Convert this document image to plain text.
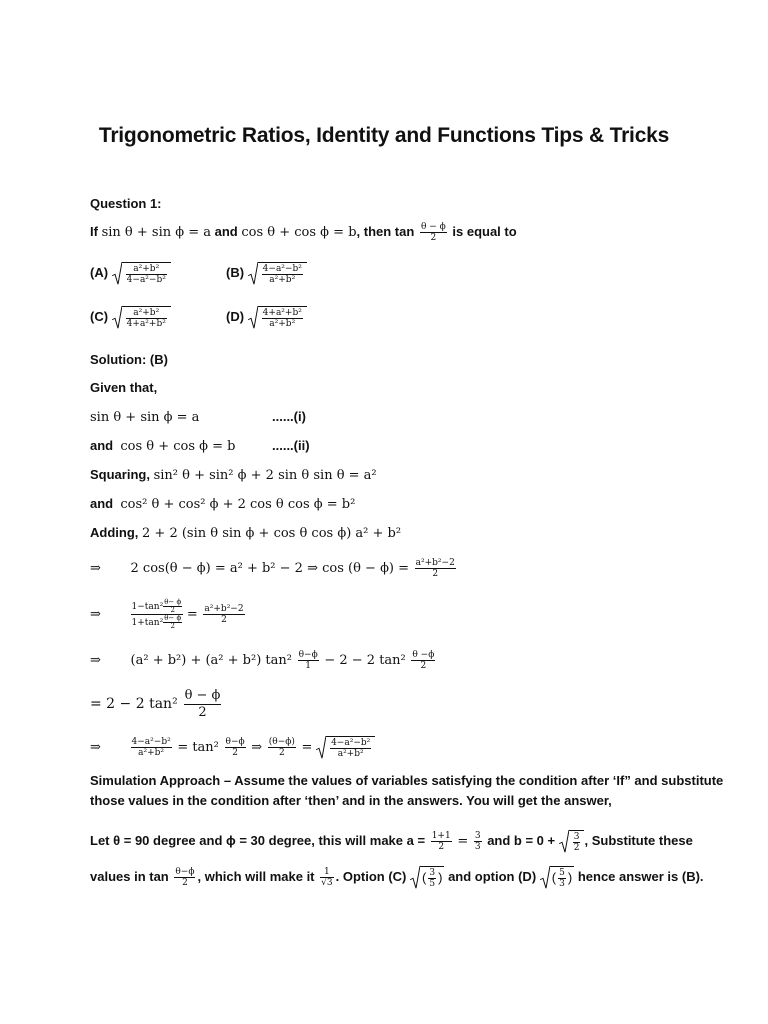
Trigonometric Ratios, Identity and Functions Tips & Tricks
Question 1:
If sin θ + sin ϕ = a and cos θ + cos ϕ = b, then $\tan \frac{\theta - \phi}{2}$ is equal to
$(A) \frac{\text{a²+b²}}{\text{4−a²−b²}}$	$(B) \frac{\text{4−a²−b²}}{\text{a²+b²}}$
$(C) \frac{\text{a²+b²}}{\text{4+a²+b²}}$	$(D) \frac{\text{4+a²+b²}}{\text{a²+b²}}$
Solution: (B)
Given that,
sin θ + sin ϕ = a	......(i)
and cos θ + cos ϕ = b	......(ii)
Squaring, sin² θ + sin² ϕ + 2 sin θ sin θ = a²
and cos² θ + cos² ϕ + 2 cos θ cos ϕ = b²
Adding, 2 + 2 (sin θ sin ϕ + cos θ cos ϕ) a² + b²
⇒ 2 cos(θ − ϕ) = a² + b² − 2 ⇒ $\cos (\theta - \phi) = \frac{\text{a²+b²−2}}{2}$
⇒	$\frac{1-\tan^2 \frac{\theta- \phi}{2}}{1+\tan^2 \frac{\theta- \phi}{2}} = \frac{\text{a²+b²−2}}{2}$
⇒ (a² + b²) + (a² + b²) $\tan^2 \frac{\theta-\phi}{1} - 2 - 2$ $\tan^2 \frac{\theta -\phi}{2}$
= 2 − 2 $\tan^2 \frac{\theta - \phi}{2}$
⇒	$\frac{\text{4−a²−b²}}{\text{a²+b²}} = \tan^2 \frac{\theta-\phi}{2}$ ⇒ $\frac{(\theta-\phi)}{2} = \frac{\text{4−a²−b²}}{\text{a²+b²}}$
Simulation Approach – Assume the values of variables satisfying the condition after ‘If” and substitute
those values in the condition after ‘then’ and in the answers. You will get the answer,
Let θ = 90 degree and ϕ = 30 degree, this will make $a = \frac{1+1}{2} = \frac{3}{3}$ and $b = 0 + \frac{3}{2}$ , Substitute these
values in $\tan \frac{\theta-\phi}{2}$ , which will make it $\frac{1}{√3}$ . Option (C) ( $\frac{3}{5}$ ) and option (D) ( $\frac{5}{3}$ ) hence answer is (B).
